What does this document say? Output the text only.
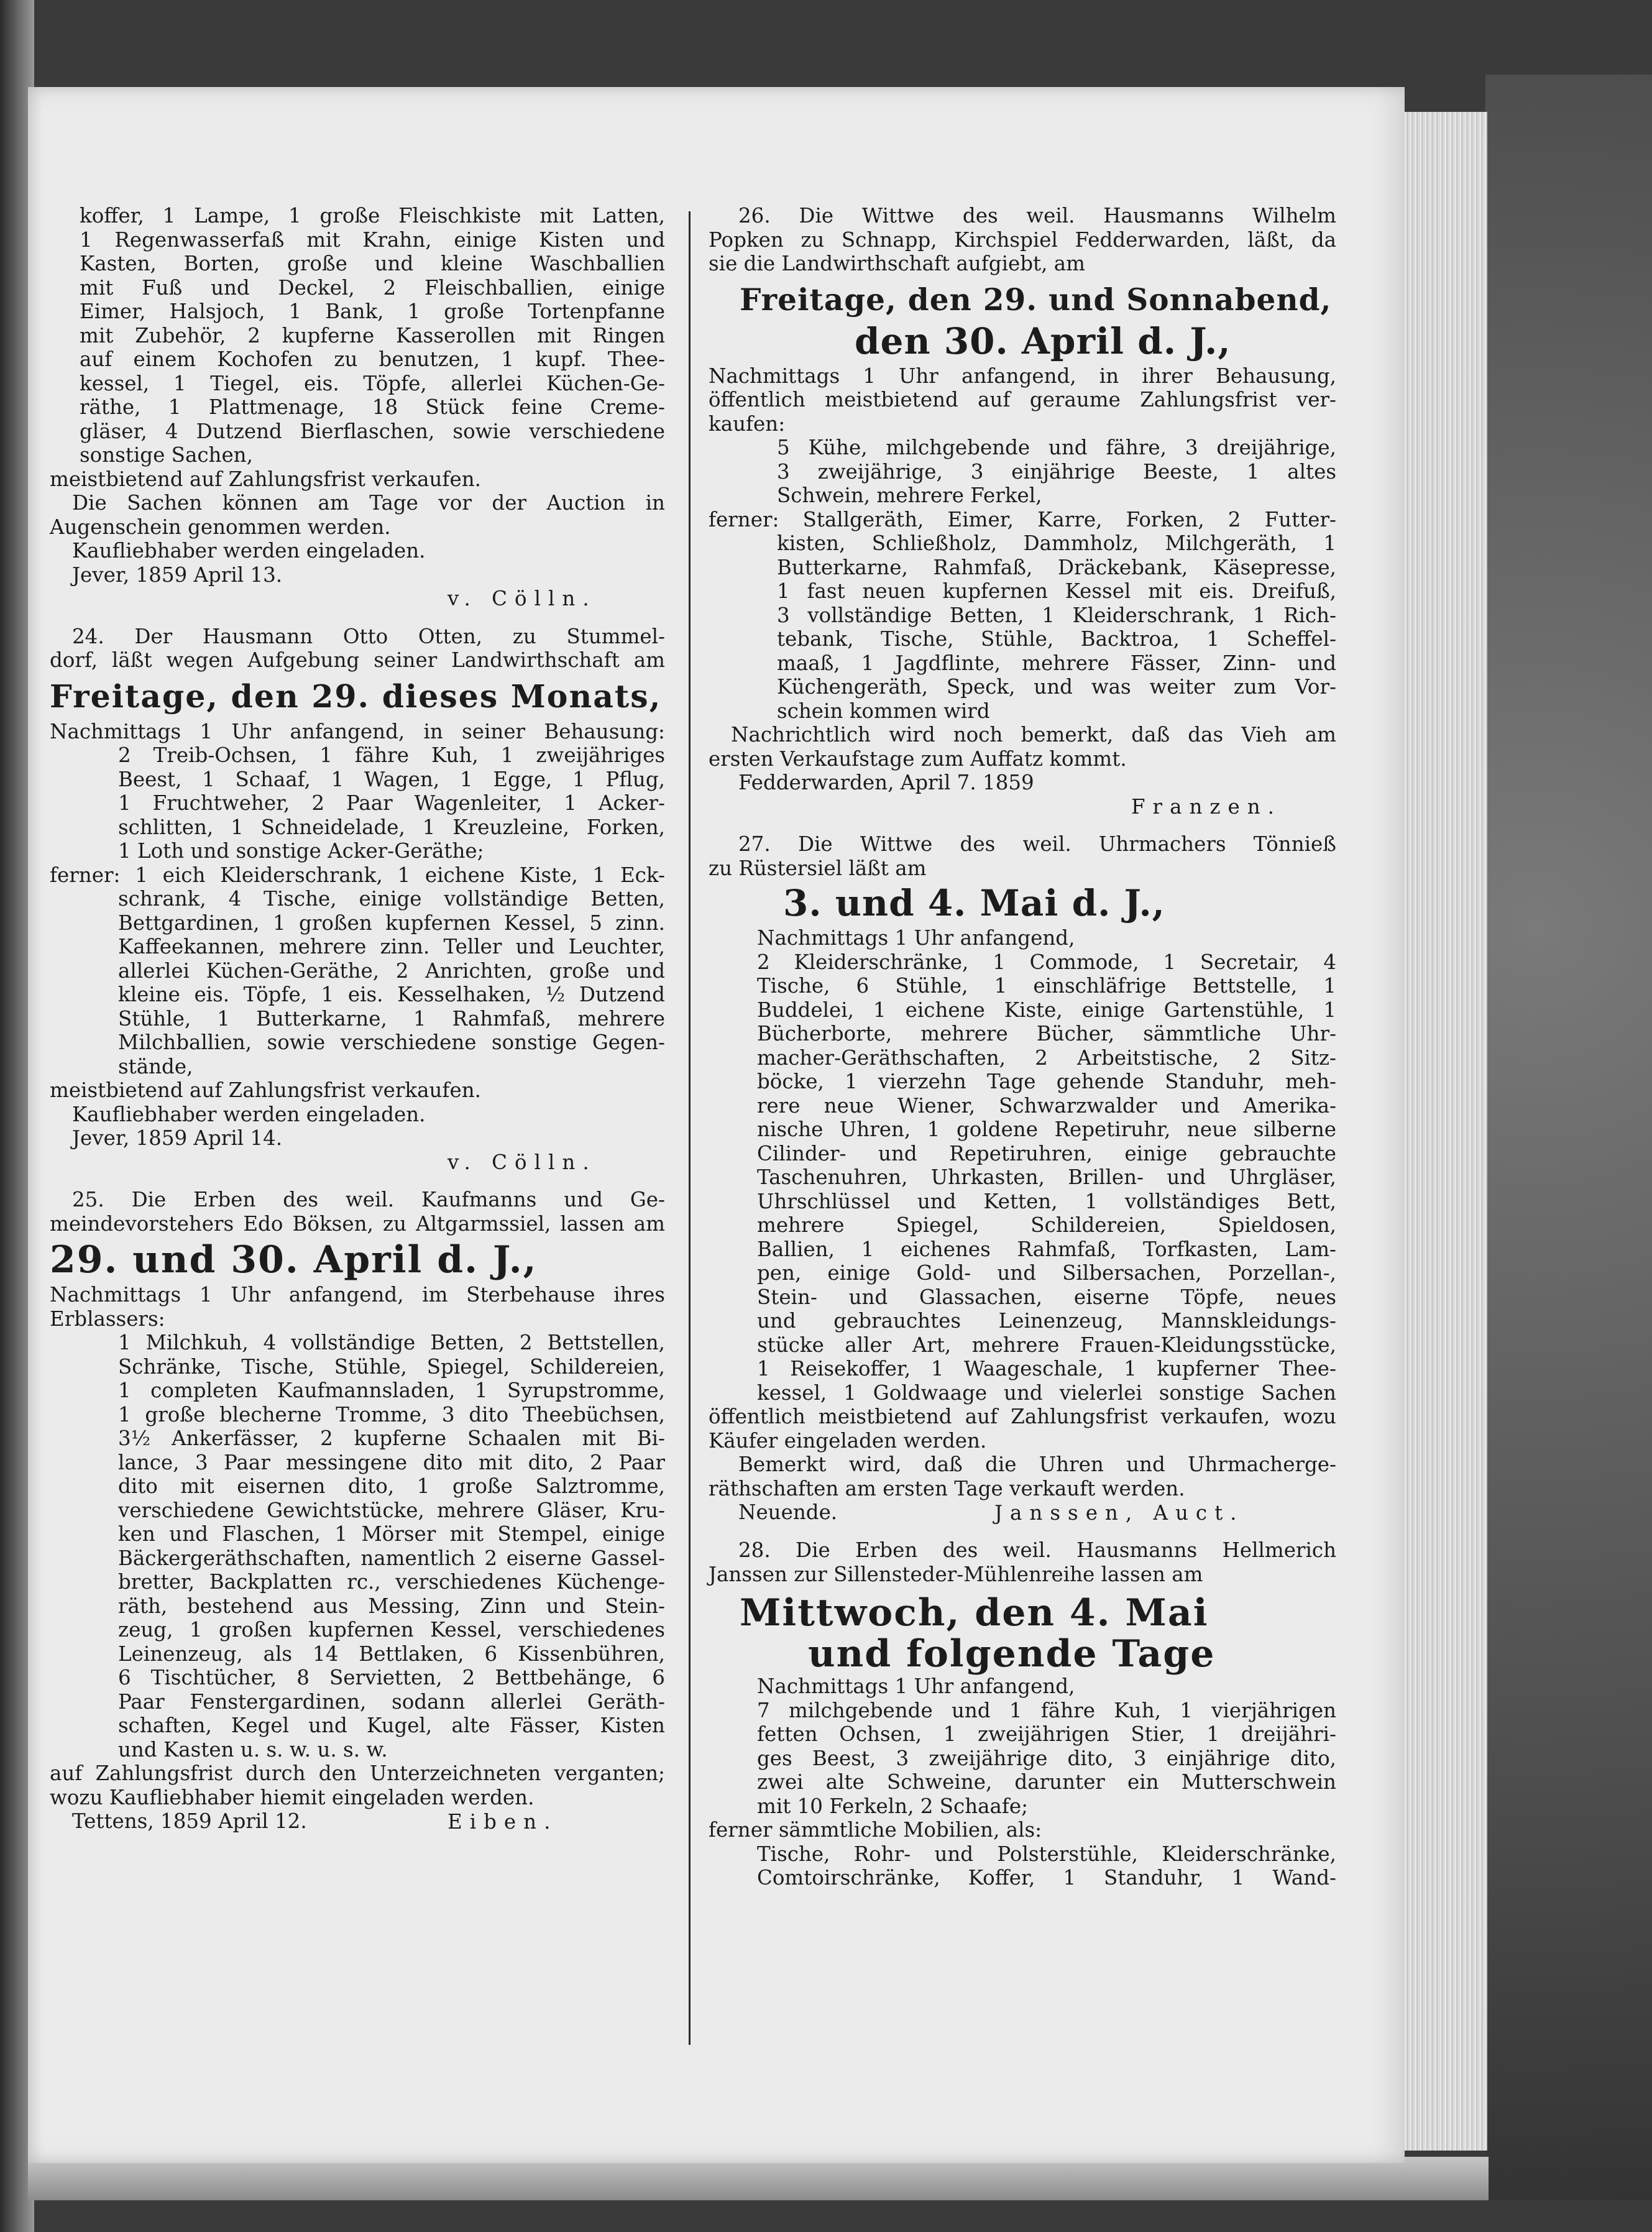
koffer, 1 Lampe, 1 große Fleischkiste mit Latten,
1 Regenwasserfaß mit Krahn, einige Kisten und
Kasten, Borten, große und kleine Waschballien
mit Fuß und Deckel, 2 Fleischballien, einige
Eimer, Halsjoch, 1 Bank, 1 große Tortenpfanne
mit Zubehör, 2 kupferne Kasserollen mit Ringen
auf einem Kochofen zu benutzen, 1 kupf. Thee-
kessel, 1 Tiegel, eis. Töpfe, allerlei Küchen-Ge-
räthe, 1 Plattmenage, 18 Stück feine Creme-
gläser, 4 Dutzend Bierflaschen, sowie verschiedene
sonstige Sachen,
meistbietend auf Zahlungsfrist verkaufen.
Die Sachen können am Tage vor der Auction in
Augenschein genommen werden.
Kaufliebhaber werden eingeladen.
Jever, 1859 April 13.
v. Cölln.
24. Der Hausmann Otto Otten, zu Stummel-
dorf, läßt wegen Aufgebung seiner Landwirthschaft am
Freitage, den 29. dieses Monats,
Nachmittags 1 Uhr anfangend, in seiner Behausung:
2 Treib-Ochsen, 1 fähre Kuh, 1 zweijähriges
Beest, 1 Schaaf, 1 Wagen, 1 Egge, 1 Pflug,
1 Fruchtweher, 2 Paar Wagenleiter, 1 Acker-
schlitten, 1 Schneidelade, 1 Kreuzleine, Forken,
1 Loth und sonstige Acker-Geräthe;
ferner: 1 eich Kleiderschrank, 1 eichene Kiste, 1 Eck-
schrank, 4 Tische, einige vollständige Betten,
Bettgardinen, 1 großen kupfernen Kessel, 5 zinn.
Kaffeekannen, mehrere zinn. Teller und Leuchter,
allerlei Küchen-Geräthe, 2 Anrichten, große und
kleine eis. Töpfe, 1 eis. Kesselhaken, ½ Dutzend
Stühle, 1 Butterkarne, 1 Rahmfaß, mehrere
Milchballien, sowie verschiedene sonstige Gegen-
stände,
meistbietend auf Zahlungsfrist verkaufen.
Kaufliebhaber werden eingeladen.
Jever, 1859 April 14.
v. Cölln.
25. Die Erben des weil. Kaufmanns und Ge-
meindevorstehers Edo Böksen, zu Altgarmssiel, lassen am
29. und 30. April d. J.,
Nachmittags 1 Uhr anfangend, im Sterbehause ihres
Erblassers:
1 Milchkuh, 4 vollständige Betten, 2 Bettstellen,
Schränke, Tische, Stühle, Spiegel, Schildereien,
1 completen Kaufmannsladen, 1 Syrupstromme,
1 große blecherne Tromme, 3 dito Theebüchsen,
3½ Ankerfässer, 2 kupferne Schaalen mit Bi-
lance, 3 Paar messingene dito mit dito, 2 Paar
dito mit eisernen dito, 1 große Salztromme,
verschiedene Gewichtstücke, mehrere Gläser, Kru-
ken und Flaschen, 1 Mörser mit Stempel, einige
Bäckergeräthschaften, namentlich 2 eiserne Gassel-
bretter, Backplatten rc., verschiedenes Küchenge-
räth, bestehend aus Messing, Zinn und Stein-
zeug, 1 großen kupfernen Kessel, verschiedenes
Leinenzeug, als 14 Bettlaken, 6 Kissenbühren,
6 Tischtücher, 8 Servietten, 2 Bettbehänge, 6
Paar Fenstergardinen, sodann allerlei Geräth-
schaften, Kegel und Kugel, alte Fässer, Kisten
und Kasten u. s. w. u. s. w.
auf Zahlungsfrist durch den Unterzeichneten verganten;
wozu Kaufliebhaber hiemit eingeladen werden.
Tettens, 1859 April 12.	Eiben.
26. Die Wittwe des weil. Hausmanns Wilhelm
Popken zu Schnapp, Kirchspiel Fedderwarden, läßt, da
sie die Landwirthschaft aufgiebt, am
Freitage, den 29. und Sonnabend,
den 30. April d. J.,
Nachmittags 1 Uhr anfangend, in ihrer Behausung,
öffentlich meistbietend auf geraume Zahlungsfrist ver-
kaufen:
5 Kühe, milchgebende und fähre, 3 dreijährige,
3 zweijährige, 3 einjährige Beeste, 1 altes
Schwein, mehrere Ferkel,
ferner: Stallgeräth, Eimer, Karre, Forken, 2 Futter-
kisten, Schließholz, Dammholz, Milchgeräth, 1
Butterkarne, Rahmfaß, Dräckebank, Käsepresse,
1 fast neuen kupfernen Kessel mit eis. Dreifuß,
3 vollständige Betten, 1 Kleiderschrank, 1 Rich-
tebank, Tische, Stühle, Backtroa, 1 Scheffel-
maaß, 1 Jagdflinte, mehrere Fässer, Zinn- und
Küchengeräth, Speck, und was weiter zum Vor-
schein kommen wird
Nachrichtlich wird noch bemerkt, daß das Vieh am
ersten Verkaufstage zum Auffatz kommt.
Fedderwarden, April 7. 1859
Franzen.
27. Die Wittwe des weil. Uhrmachers Tönnieß
zu Rüstersiel läßt am
3. und 4. Mai d. J.,
Nachmittags 1 Uhr anfangend,
2 Kleiderschränke, 1 Commode, 1 Secretair, 4
Tische, 6 Stühle, 1 einschläfrige Bettstelle, 1
Buddelei, 1 eichene Kiste, einige Gartenstühle, 1
Bücherborte, mehrere Bücher, sämmtliche Uhr-
macher-Geräthschaften, 2 Arbeitstische, 2 Sitz-
böcke, 1 vierzehn Tage gehende Standuhr, meh-
rere neue Wiener, Schwarzwalder und Amerika-
nische Uhren, 1 goldene Repetiruhr, neue silberne
Cilinder- und Repetiruhren, einige gebrauchte
Taschenuhren, Uhrkasten, Brillen- und Uhrgläser,
Uhrschlüssel und Ketten, 1 vollständiges Bett,
mehrere Spiegel, Schildereien, Spieldosen,
Ballien, 1 eichenes Rahmfaß, Torfkasten, Lam-
pen, einige Gold- und Silbersachen, Porzellan-,
Stein- und Glassachen, eiserne Töpfe, neues
und gebrauchtes Leinenzeug, Mannskleidungs-
stücke aller Art, mehrere Frauen-Kleidungsstücke,
1 Reisekoffer, 1 Waageschale, 1 kupferner Thee-
kessel, 1 Goldwaage und vielerlei sonstige Sachen
öffentlich meistbietend auf Zahlungsfrist verkaufen, wozu
Käufer eingeladen werden.
Bemerkt wird, daß die Uhren und Uhrmacherge-
räthschaften am ersten Tage verkauft werden.
Neuende.	Janssen, Auct.
28. Die Erben des weil. Hausmanns Hellmerich
Janssen zur Sillensteder-Mühlenreihe lassen am
Mittwoch, den 4. Mai
und folgende Tage
Nachmittags 1 Uhr anfangend,
7 milchgebende und 1 fähre Kuh, 1 vierjährigen
fetten Ochsen, 1 zweijährigen Stier, 1 dreijähri-
ges Beest, 3 zweijährige dito, 3 einjährige dito,
zwei alte Schweine, darunter ein Mutterschwein
mit 10 Ferkeln, 2 Schaafe;
ferner sämmtliche Mobilien, als:
Tische, Rohr- und Polsterstühle, Kleiderschränke,
Comtoirschränke, Koffer, 1 Standuhr, 1 Wand-
